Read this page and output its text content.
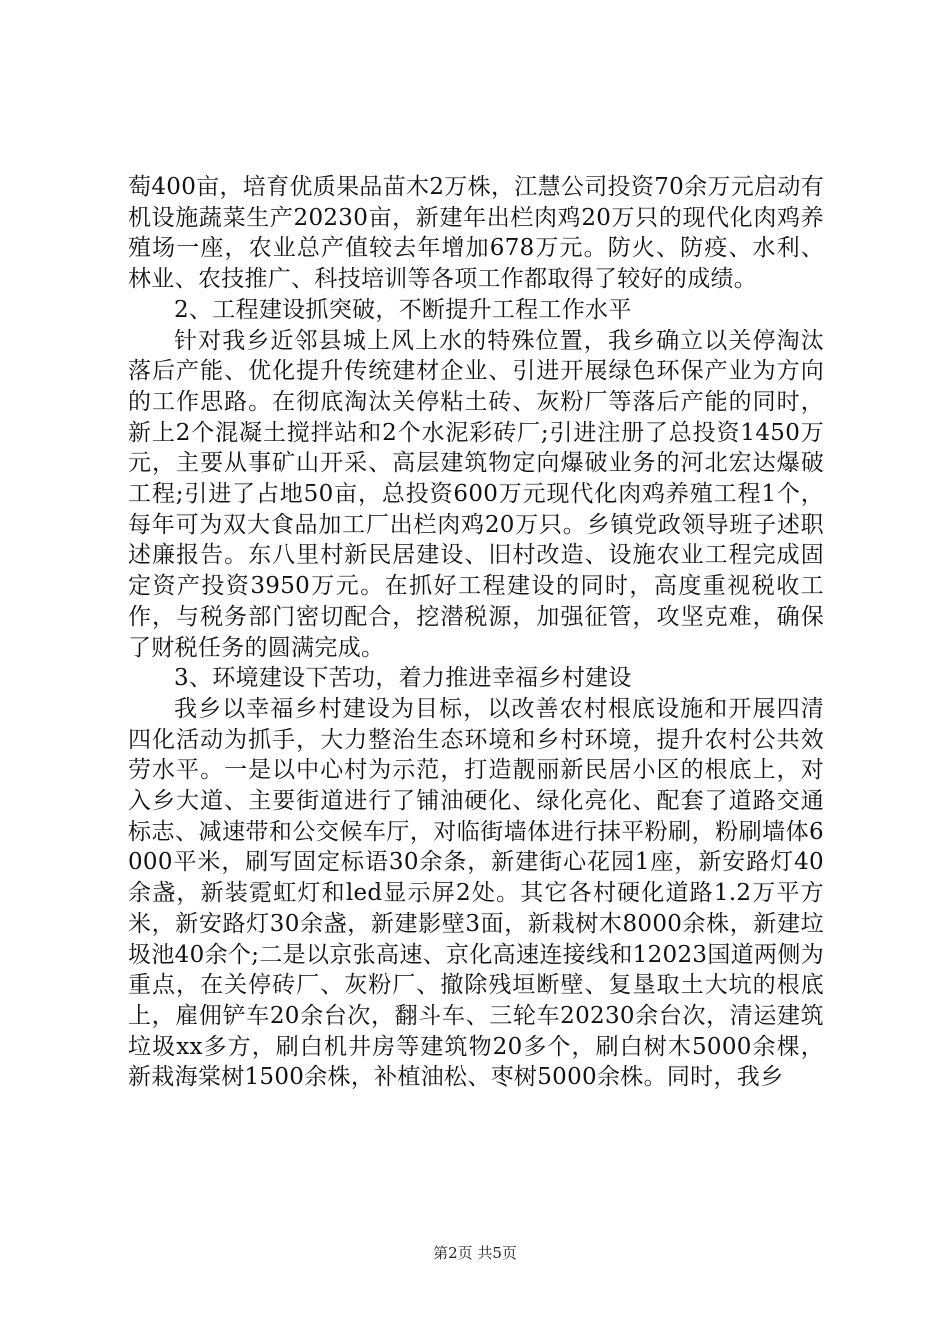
萄400亩，培育优质果品苗木2万株，江慧公司投资70余万元启动有机设施蔬菜生产20230亩，新建年出栏肉鸡20万只的现代化肉鸡养殖场一座，农业总产值较去年增加678万元。防火、防疫、水利、林业、农技推广、科技培训等各项工作都取得了较好的成绩。

2、工程建设抓突破，不断提升工程工作水平

针对我乡近邻县城上风上水的特殊位置，我乡确立以关停淘汰落后产能、优化提升传统建材企业、引进开展绿色环保产业为方向的工作思路。在彻底淘汰关停粘土砖、灰粉厂等落后产能的同时，新上2个混凝土搅拌站和2个水泥彩砖厂;引进注册了总投资1450万元，主要从事矿山开采、高层建筑物定向爆破业务的河北宏达爆破工程;引进了占地50亩，总投资600万元现代化肉鸡养殖工程1个，每年可为双大食品加工厂出栏肉鸡20万只。乡镇党政领导班子述职述廉报告。东八里村新民居建设、旧村改造、设施农业工程完成固定资产投资3950万元。在抓好工程建设的同时，高度重视税收工作，与税务部门密切配合，挖潜税源，加强征管，攻坚克难，确保了财税任务的圆满完成。

3、环境建设下苦功，着力推进幸福乡村建设

我乡以幸福乡村建设为目标，以改善农村根底设施和开展四清四化活动为抓手，大力整治生态环境和乡村环境，提升农村公共效劳水平。一是以中心村为示范，打造靓丽新民居小区的根底上，对入乡大道、主要街道进行了铺油硬化、绿化亮化、配套了道路交通标志、减速带和公交候车厅，对临街墙体进行抹平粉刷，粉刷墙体6000平米，刷写固定标语30余条，新建街心花园1座，新安路灯40余盏，新装霓虹灯和led显示屏2处。其它各村硬化道路1.2万平方米，新安路灯30余盏，新建影壁3面，新栽树木8000余株，新建垃圾池40余个;二是以京张高速、京化高速连接线和12023国道两侧为重点，在关停砖厂、灰粉厂、撤除残垣断壁、复垦取土大坑的根底上，雇佣铲车20余台次，翻斗车、三轮车20230余台次，清运建筑垃圾xx多方，刷白机井房等建筑物20多个，刷白树木5000余棵，新栽海棠树1500余株，补植油松、枣树5000余株。同时，我乡

第2页 共5页
